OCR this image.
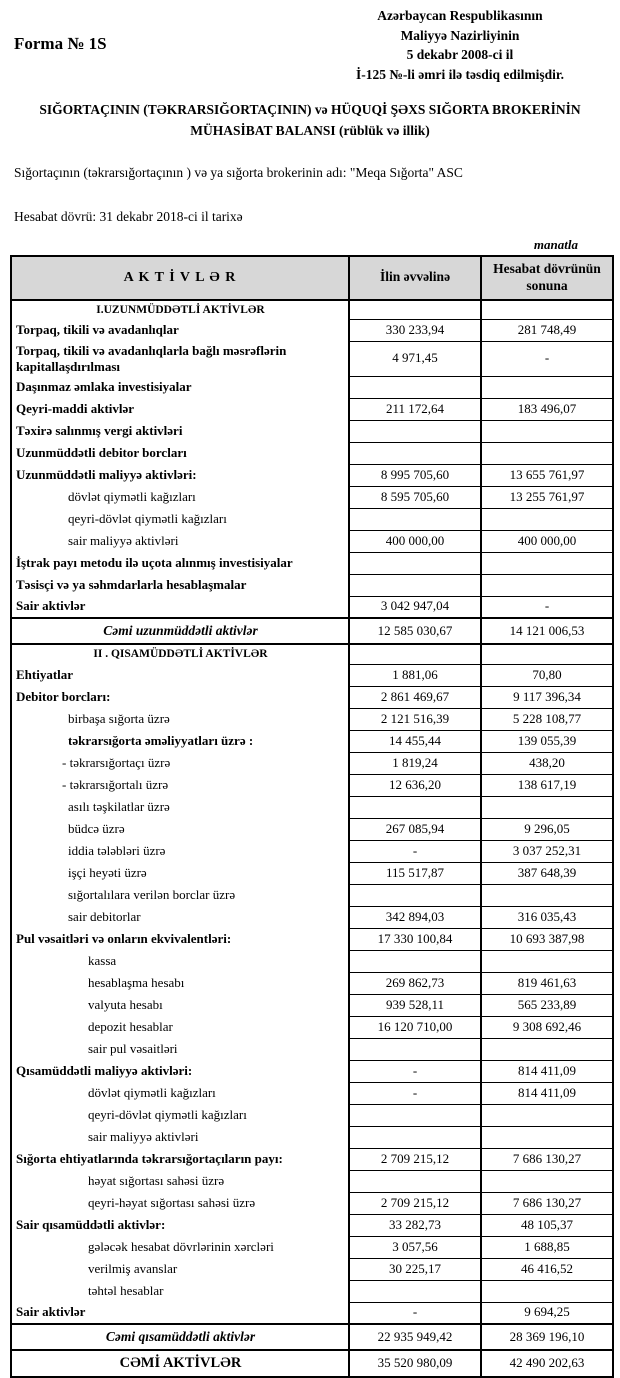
Forma № 1S
Azərbaycan Respublikasının
Maliyyə Nazirliyinin
5 dekabr 2008-ci il
İ-125 №-li əmri ilə təsdiq edilmişdir.
SIĞORTAÇININ (TƏKRARSIĞORTAÇININ) və HÜQUQİ ŞƏXS SIĞORTA BROKERİNİN
MÜHASİBAT BALANSI (rüblük və illik)
Sığortaçının (təkrarsığortaçının ) və ya sığorta brokerinin adı: "Meqa Sığorta" ASC
Hesabat dövrü: 31 dekabr 2018-ci il tarixə
manatla
A K T İ V L Ə R	İlin əvvəlinə	Hesabat dövrünün sonuna
I.UZUNMÜDDƏTLİ AKTİVLƏR		
Torpaq, tikili və avadanlıqlar	330 233,94	281 748,49
Torpaq, tikili və avadanlıqlarla bağlı məsrəflərin kapitallaşdırılması	4 971,45	-
Daşınmaz əmlaka investisiyalar		
Qeyri-maddi aktivlər	211 172,64	183 496,07
Təxirə salınmış vergi aktivləri		
Uzunmüddətli debitor borcları		
Uzunmüddətli maliyyə aktivləri:	8 995 705,60	13 655 761,97
dövlət qiymətli kağızları	8 595 705,60	13 255 761,97
qeyri-dövlət qiymətli kağızları		
sair maliyyə aktivləri	400 000,00	400 000,00
İştrak payı metodu ilə uçota alınmış investisiyalar		
Təsisçi və ya səhmdarlarla hesablaşmalar		
Sair aktivlər	3 042 947,04	-
Cəmi uzunmüddətli aktivlər	12 585 030,67	14 121 006,53
II . QISAMÜDDƏTLİ AKTİVLƏR		
Ehtiyatlar	1 881,06	70,80
Debitor borcları:	2 861 469,67	9 117 396,34
birbaşa sığorta üzrə	2 121 516,39	5 228 108,77
təkrarsığorta əməliyyatları üzrə :	14 455,44	139 055,39
- təkrarsığortaçı üzrə	1 819,24	438,20
- təkrarsığortalı üzrə	12 636,20	138 617,19
asılı təşkilatlar üzrə		
büdcə üzrə	267 085,94	9 296,05
iddia tələbləri üzrə	-	3 037 252,31
işçi heyəti üzrə	115 517,87	387 648,39
sığortalılara verilən borclar üzrə		
sair debitorlar	342 894,03	316 035,43
Pul vəsaitləri və onların ekvivalentləri:	17 330 100,84	10 693 387,98
kassa		
hesablaşma hesabı	269 862,73	819 461,63
valyuta hesabı	939 528,11	565 233,89
depozit hesablar	16 120 710,00	9 308 692,46
sair pul vəsaitləri		
Qısamüddətli maliyyə aktivləri:	-	814 411,09
dövlət qiymətli kağızları	-	814 411,09
qeyri-dövlət qiymətli kağızları		
sair maliyyə aktivləri		
Sığorta ehtiyatlarında təkrarsığortaçıların payı:	2 709 215,12	7 686 130,27
həyat sığortası sahəsi üzrə		
qeyri-həyat sığortası sahəsi üzrə	2 709 215,12	7 686 130,27
Sair qısamüddətli aktivlər:	33 282,73	48 105,37
gələcək hesabat dövrlərinin xərcləri	3 057,56	1 688,85
verilmiş avanslar	30 225,17	46 416,52
təhtəl hesablar		
Sair aktivlər	-	9 694,25
Cəmi qısamüddətli aktivlər	22 935 949,42	28 369 196,10
CƏMİ AKTİVLƏR	35 520 980,09	42 490 202,63
